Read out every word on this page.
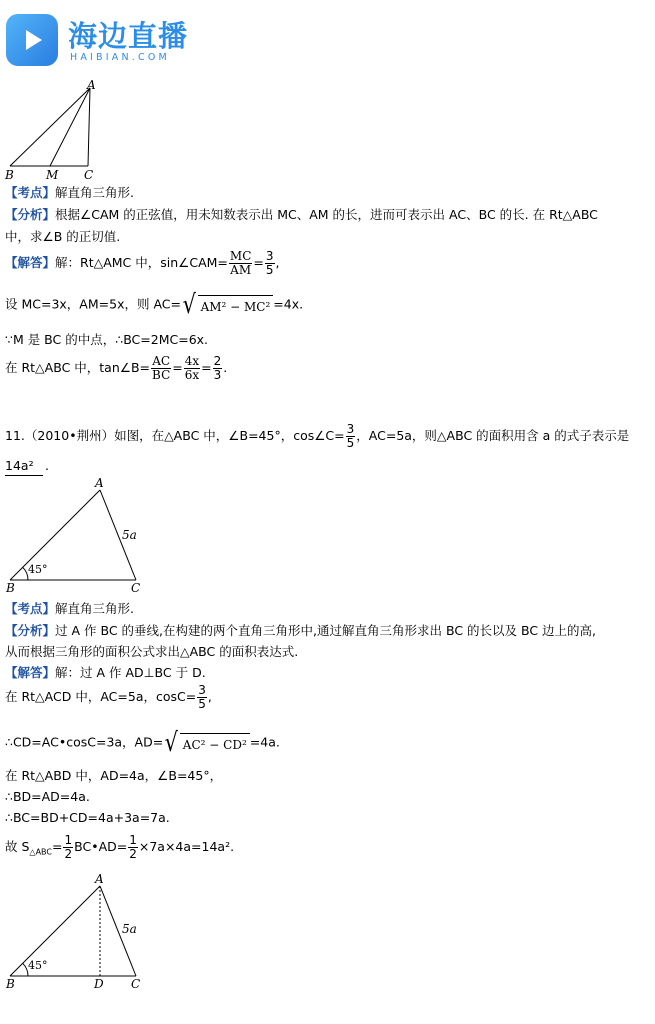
海边直播
HAIBIAN.COM
A
B	M C
【考点】解直角三角形.
【分析】根据∠CAM 的正弦值，用未知数表示出 MC、AM 的长，进而可表示出 AC、BC 的长. 在 Rt△ABC
中，求∠B 的正切值.
【解答】解：Rt△AMC 中，sin∠CAM= $\frac{MC}{AM} = \frac{3}{5}$ ,
设 MC=3x，AM=5x，则 AC=√ AM² − MC² =4x.
∵M 是 BC 的中点，∴BC=2MC=6x.
在 Rt△ABC 中，tan∠B= $\frac{AC}{BC} = \frac{4x}{6x} = \frac{2}{3}$ .
11.（2010•荆州）如图，在△ABC 中，∠B=45°，cos∠C= $\frac{3}{5}$ ，AC=5a，则△ABC 的面积用含 a 的式子表示是
14a² .
A
5a
45°
B	C
【考点】解直角三角形.
【分析】过 A 作 BC 的垂线,在构建的两个直角三角形中,通过解直角三角形求出 BC 的长以及 BC 边上的高,
从而根据三角形的面积公式求出△ABC 的面积表达式.
【解答】解：过 A 作 AD⊥BC 于 D.
在 Rt△ACD 中，AC=5a，$\cos C= \frac{3}{5}$ ,
∴CD=AC•cosC=3a，AD=√ AC² − CD² =4a.
在 Rt△ABD 中，AD=4a，∠B=45°，
∴BD=AD=4a.
∴BC=BD+CD=4a+3a=7a.
故 $S_{\triangle ABC}= \frac{1}{2}$ BC•AD= $\frac{1}{2} \times 7a\times 4a=14a^2$.
A
5a
45°
B	D C
